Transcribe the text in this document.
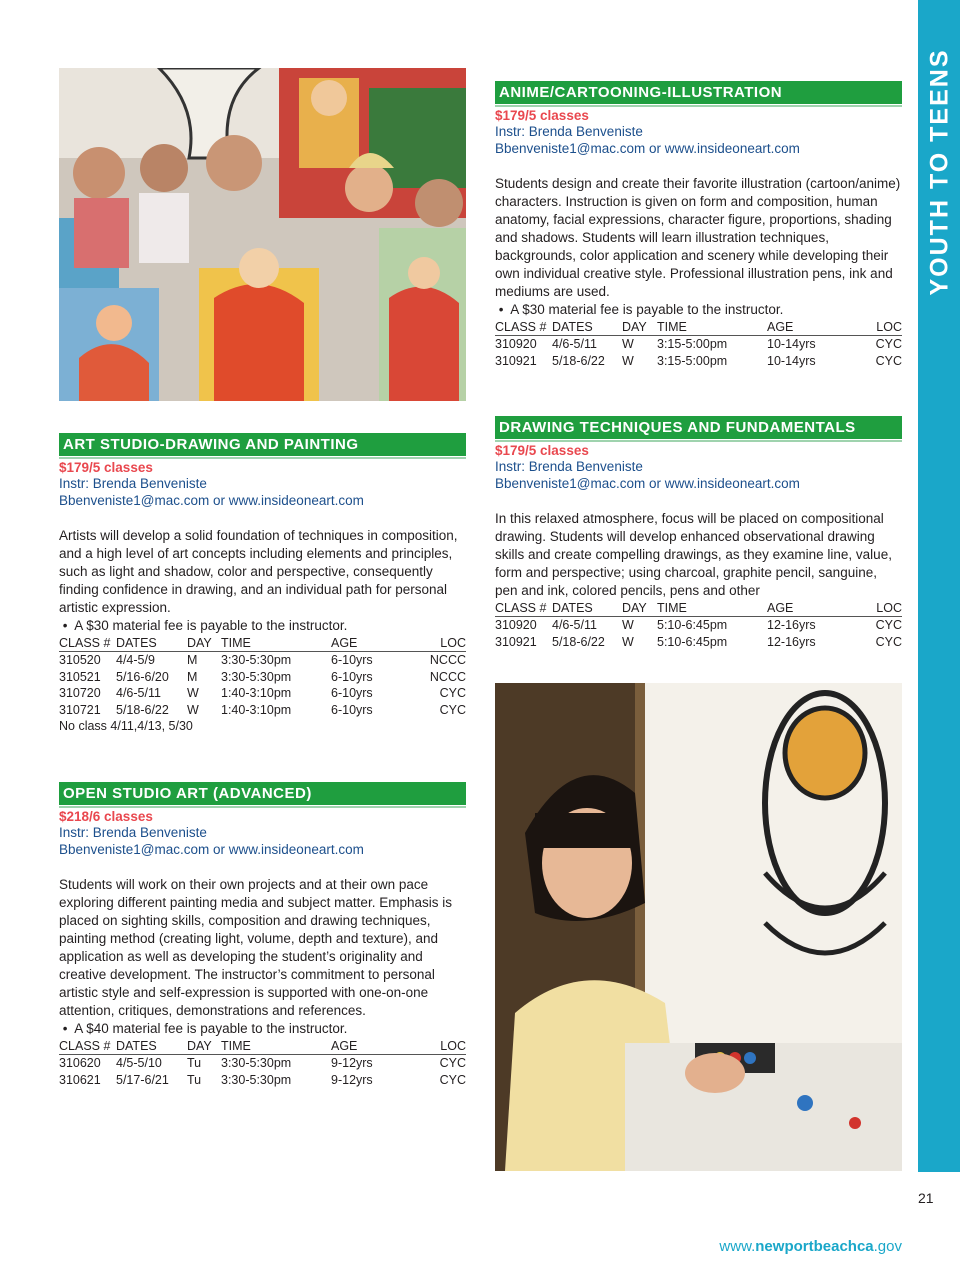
YOUTH TO TEENS
ANIME/CARTOONING-ILLUSTRATION
$179/5 classes
Instr: Brenda Benveniste
Bbenveniste1@mac.com or www.insideoneart.com
Students design and create their favorite illustration (cartoon/anime) characters. Instruction is given on form and composition, human anatomy, facial expressions, character figure, proportions, shading and shadows. Students will learn illustration techniques, backgrounds, color application and scenery while developing their own individual creative style. Professional illustration pens, ink and mediums are used.
•  A $30 material fee is payable to the instructor.
CLASS #	DATES	DAY	TIME	AGE	LOC
310920	4/6-5/11	W	3:15-5:00pm	10-14yrs	CYC
310921	5/18-6/22	W	3:15-5:00pm	10-14yrs	CYC
ART STUDIO-DRAWING AND PAINTING
$179/5 classes
Instr: Brenda Benveniste
Bbenveniste1@mac.com or www.insideoneart.com
Artists will develop a solid foundation of techniques in composition, and a high level of art concepts including elements and principles, such as light and shadow, color and perspective, consequently finding confidence in drawing, and an individual path for personal artistic expression.
•  A $30 material fee is payable to the instructor.
CLASS #	DATES	DAY	TIME	AGE	LOC
310520	4/4-5/9	M	3:30-5:30pm	6-10yrs	NCCC
310521	5/16-6/20	M	3:30-5:30pm	6-10yrs	NCCC
310720	4/6-5/11	W	1:40-3:10pm	6-10yrs	CYC
310721	5/18-6/22	W	1:40-3:10pm	6-10yrs	CYC
No class 4/11,4/13, 5/30
DRAWING TECHNIQUES AND FUNDAMENTALS
$179/5 classes
Instr: Brenda Benveniste
Bbenveniste1@mac.com or www.insideoneart.com
In this relaxed atmosphere, focus will be placed on compositional drawing. Students will develop enhanced observational drawing skills and create compelling drawings, as they examine line, value, form and perspective; using charcoal, graphite pencil, sanguine, pen and ink, colored pencils, pens and other
CLASS #	DATES	DAY	TIME	AGE	LOC
310920	4/6-5/11	W	5:10-6:45pm	12-16yrs	CYC
310921	5/18-6/22	W	5:10-6:45pm	12-16yrs	CYC
OPEN STUDIO ART (ADVANCED)
$218/6 classes
Instr: Brenda Benveniste
Bbenveniste1@mac.com or www.insideoneart.com
Students will work on their own projects and at their own pace exploring different painting media and subject matter. Emphasis is placed on sighting skills, composition and drawing techniques, painting method (creating light, volume, depth and texture), and application as well as developing the student’s originality and creative development. The instructor’s commitment to personal artistic style and self-expression is supported with one-on-one attention, critiques, demonstrations and references.
•  A $40 material fee is payable to the instructor.
CLASS #	DATES	DAY	TIME	AGE	LOC
310620	4/5-5/10	Tu	3:30-5:30pm	9-12yrs	CYC
310621	5/17-6/21	Tu	3:30-5:30pm	9-12yrs	CYC
21
www.newportbeachca.gov
